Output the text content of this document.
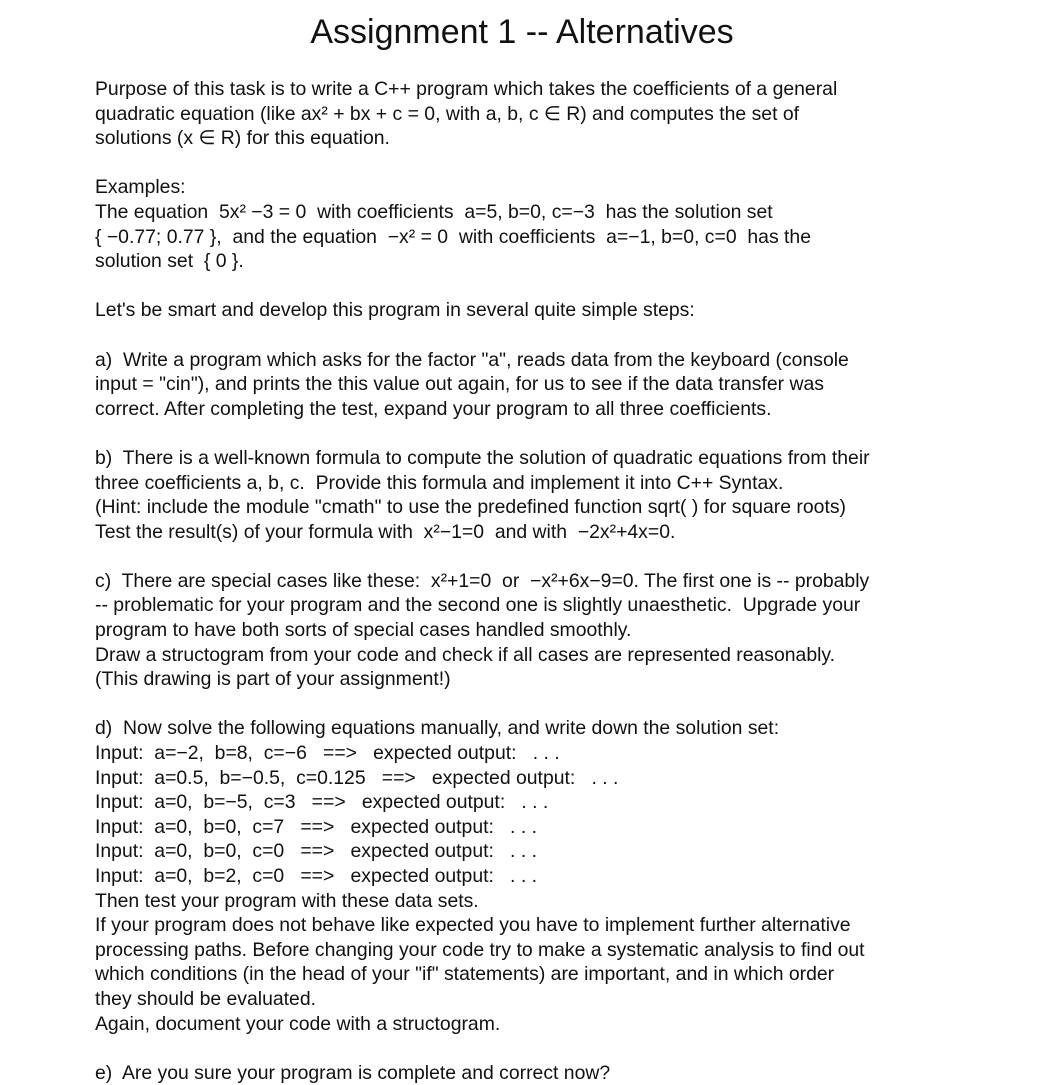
Assignment 1 -- Alternatives
Purpose of this task is to write a C++ program which takes the coefficients of a general
quadratic equation (like ax² + bx + c = 0, with a, b, c ∈ R) and computes the set of
solutions (x ∈ R) for this equation.
Examples:
The equation  5x² −3 = 0  with coefficients  a=5, b=0, c=−3  has the solution set
{ −0.77; 0.77 },  and the equation  −x² = 0  with coefficients  a=−1, b=0, c=0  has the
solution set  { 0 }.
Let's be smart and develop this program in several quite simple steps:
a)  Write a program which asks for the factor "a", reads data from the keyboard (console
input = "cin"), and prints the this value out again, for us to see if the data transfer was
correct. After completing the test, expand your program to all three coefficients.
b)  There is a well-known formula to compute the solution of quadratic equations from their
three coefficients a, b, c.  Provide this formula and implement it into C++ Syntax.
(Hint: include the module "cmath" to use the predefined function sqrt( ) for square roots)
Test the result(s) of your formula with  x²−1=0  and with  −2x²+4x=0.
c)  There are special cases like these:  x²+1=0  or  −x²+6x−9=0. The first one is -- probably
-- problematic for your program and the second one is slightly unaesthetic.  Upgrade your
program to have both sorts of special cases handled smoothly.
Draw a structogram from your code and check if all cases are represented reasonably.
(This drawing is part of your assignment!)
d)  Now solve the following equations manually, and write down the solution set:
Input:  a=−2,  b=8,  c=−6   ==>   expected output:   . . .
Input:  a=0.5,  b=−0.5,  c=0.125   ==>   expected output:   . . .
Input:  a=0,  b=−5,  c=3   ==>   expected output:   . . .
Input:  a=0,  b=0,  c=7   ==>   expected output:   . . .
Input:  a=0,  b=0,  c=0   ==>   expected output:   . . .
Input:  a=0,  b=2,  c=0   ==>   expected output:   . . .
Then test your program with these data sets.
If your program does not behave like expected you have to implement further alternative
processing paths. Before changing your code try to make a systematic analysis to find out
which conditions (in the head of your "if" statements) are important, and in which order
they should be evaluated.
Again, document your code with a structogram.
e)  Are you sure your program is complete and correct now?
